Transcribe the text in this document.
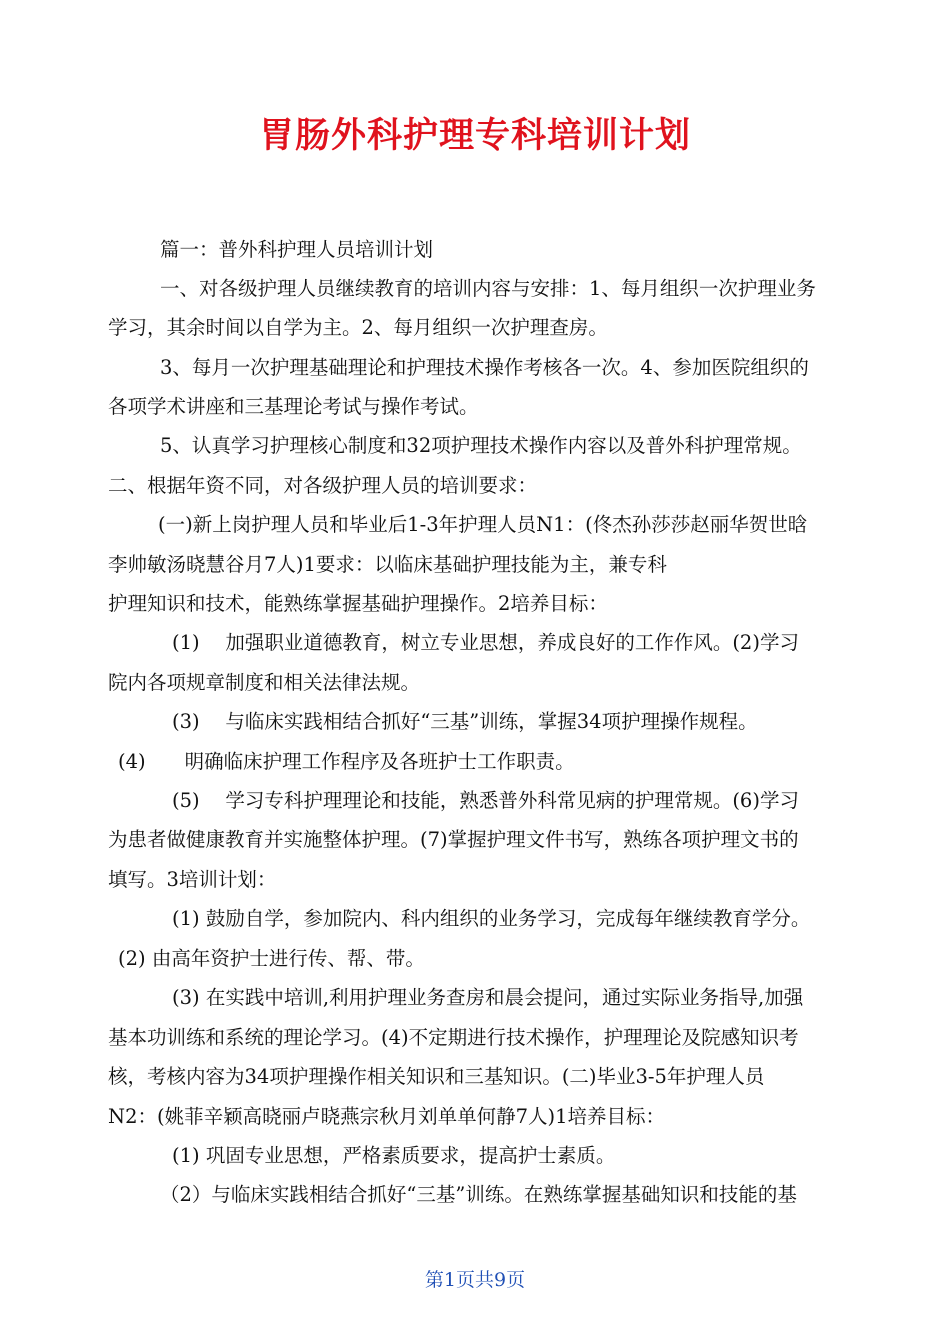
胃肠外科护理专科培训计划
篇一：普外科护理人员培训计划
一、对各级护理人员继续教育的培训内容与安排：1、每月组织一次护理业务
学习，其余时间以自学为主。2、每月组织一次护理查房。
3、每月一次护理基础理论和护理技术操作考核各一次。4、参加医院组织的
各项学术讲座和三基理论考试与操作考试。
5、认真学习护理核心制度和32项护理技术操作内容以及普外科护理常规。
二、根据年资不同，对各级护理人员的培训要求：
(一)新上岗护理人员和毕业后1-3年护理人员N1：(佟杰孙莎莎赵丽华贺世晗
李帅敏汤晓慧谷月7人)1要求：以临床基础护理技能为主，兼专科
护理知识和技术，能熟练掌握基础护理操作。2培养目标：
(1)　 加强职业道德教育，树立专业思想，养成良好的工作作风。(2)学习
院内各项规章制度和相关法律法规。
(3)　 与临床实践相结合抓好“三基”训练，掌握34项护理操作规程。
(4)　　明确临床护理工作程序及各班护士工作职责。
(5)　 学习专科护理理论和技能，熟悉普外科常见病的护理常规。(6)学习
为患者做健康教育并实施整体护理。(7)掌握护理文件书写，熟练各项护理文书的
填写。3培训计划：
(1) 鼓励自学，参加院内、科内组织的业务学习，完成每年继续教育学分。
(2) 由高年资护士进行传、帮、带。
(3) 在实践中培训,利用护理业务查房和晨会提问，通过实际业务指导,加强
基本功训练和系统的理论学习。(4)不定期进行技术操作，护理理论及院感知识考
核，考核内容为34项护理操作相关知识和三基知识。(二)毕业3-5年护理人员
N2：(姚菲辛颖高晓丽卢晓燕宗秋月刘单单何静7人)1培养目标：
(1) 巩固专业思想，严格素质要求，提高护士素质。
（2）与临床实践相结合抓好“三基”训练。在熟练掌握基础知识和技能的基
第1页共9页
